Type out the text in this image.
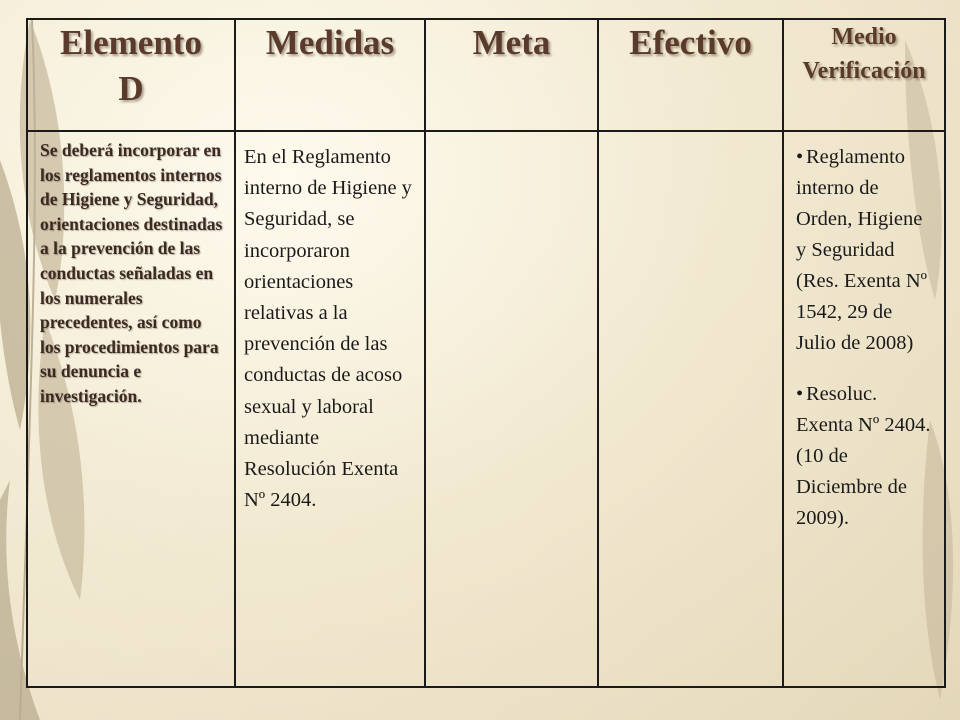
Elemento
D	Medidas	Meta	Efectivo	Medio
Verificación

Se deberá incorporar en los reglamentos internos de Higiene y Seguridad, orientaciones destinadas a la prevención de las conductas señaladas en los numerales precedentes, así como los procedimientos para su denuncia e investigación.	En el Reglamento interno de Higiene y Seguridad, se incorporaron orientaciones relativas a la prevención de las conductas de acoso sexual y laboral mediante Resolución Exenta Nº 2404.			• Reglamento interno de Orden, Higiene y Seguridad (Res. Exenta Nº 1542, 29 de Julio de 2008)
• Resoluc. Exenta Nº 2404. (10 de Diciembre de 2009).
